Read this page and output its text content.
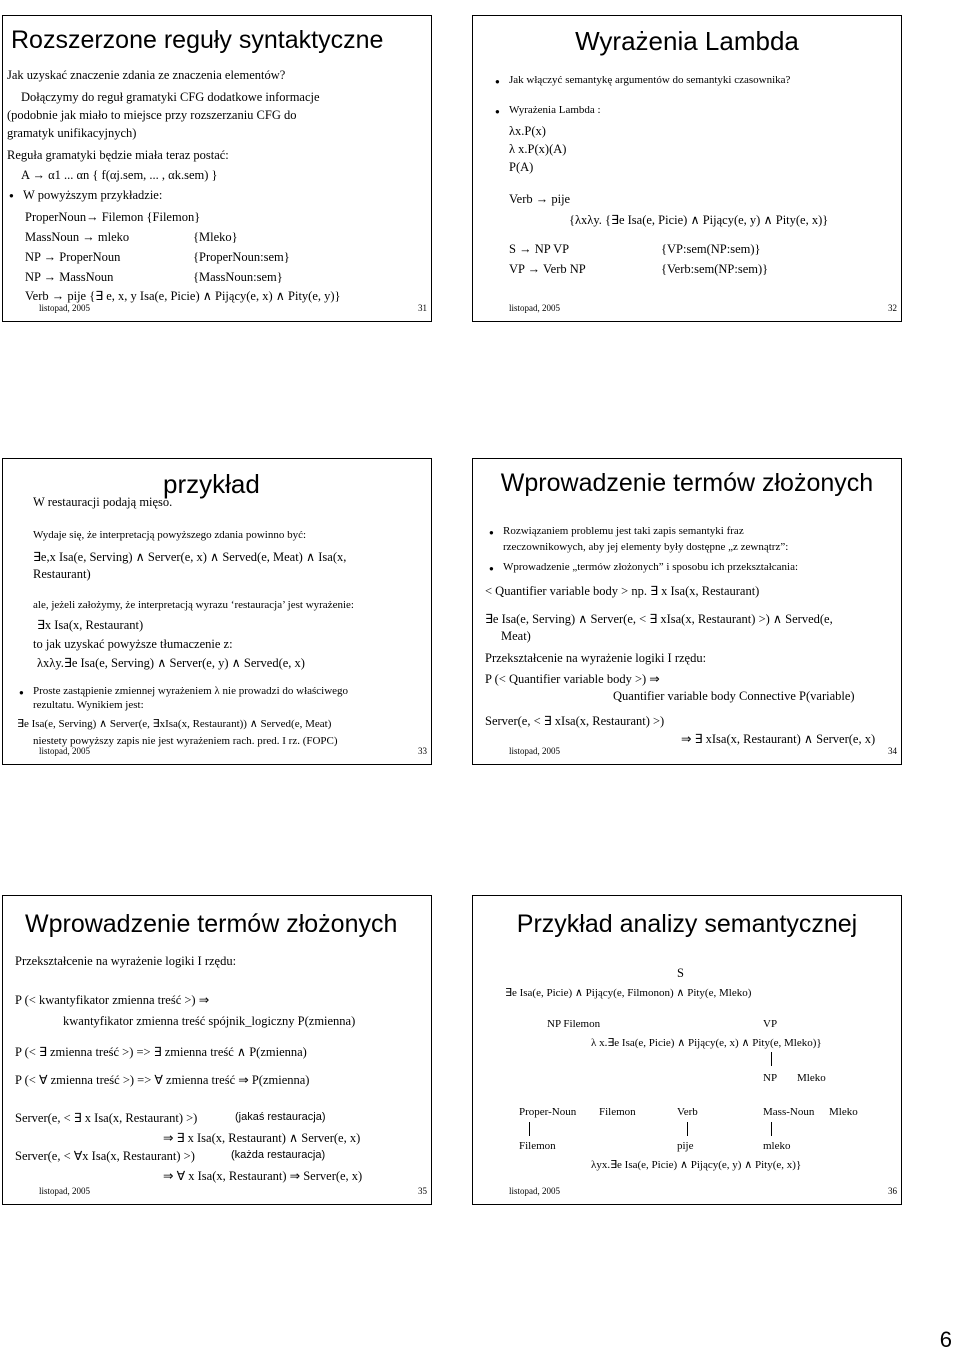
Rozszerzone reguły syntaktyczne
Jak uzyskać znaczenie zdania ze znaczenia elementów?
Dołączymy do reguł gramatyki CFG dodatkowe informacje
(podobnie jak miało to miejsce przy rozszerzaniu CFG do
gramatyk unifikacyjnych)
Reguła gramatyki będzie miała teraz postać:
A → α1 ... αn { f(αj.sem, ... , αk.sem) }
● W powyższym przykładzie:
ProperNoun→ Filemon {Filemon}
MassNoun → mleko	{Mleko}
NP → ProperNoun	{ProperNoun:sem}
NP → MassNoun	{MassNoun:sem}
Verb → pije {∃ e, x, y Isa(e, Picie) ∧ Pijący(e, x) ∧ Pity(e, y)}
listopad, 2005	31
Wyrażenia Lambda
● Jak włączyć semantykę argumentów do semantyki czasownika?
● Wyrażenia Lambda :
λx.P(x)
λ x.P(x)(A)
P(A)
Verb → pije
{λxλy. {∃e Isa(e, Picie) ∧ Pijący(e, y) ∧ Pity(e, x)}
S → NP VP	{VP:sem(NP:sem)}
VP → Verb NP	{Verb:sem(NP:sem)}
listopad, 2005	32
przykład
W restauracji podają mięso.
Wydaje się, że interpretacją powyższego zdania powinno być:
∃e,x Isa(e, Serving) ∧ Server(e, x) ∧ Served(e, Meat) ∧ Isa(x,
Restaurant)
ale, jeżeli założymy, że interpretacją wyrazu ‘restauracja’ jest wyrażenie:
∃x Isa(x, Restaurant)
to jak uzyskać powyższe tłumaczenie z:
λxλy.∃e Isa(e, Serving) ∧ Server(e, y) ∧ Served(e, x)
● Proste zastąpienie zmiennej wyrażeniem λ nie prowadzi do właściwego
rezultatu. Wynikiem jest:
∃e Isa(e, Serving) ∧ Server(e, ∃xIsa(x, Restaurant)) ∧ Served(e, Meat)
niestety powyższy zapis nie jest wyrażeniem rach. pred. I rz. (FOPC)
listopad, 2005	33
Wprowadzenie termów złożonych
● Rozwiązaniem problemu jest taki zapis semantyki fraz
rzeczownikowych, aby jej elementy były dostępne „z zewnątrz”:
● Wprowadzenie „termów złożonych” i sposobu ich przekształcania:
< Quantifier variable body > np. ∃ x Isa(x, Restaurant)
∃e Isa(e, Serving) ∧ Server(e, < ∃ xIsa(x, Restaurant) >) ∧ Served(e,
Meat)
Przekształcenie na wyrażenie logiki I rzędu:
P (< Quantifier variable body >) ⇒
Quantifier variable body Connective P(variable)
Server(e, < ∃ xIsa(x, Restaurant) >)
⇒ ∃ xIsa(x, Restaurant) ∧ Server(e, x)
listopad, 2005	34
Wprowadzenie termów złożonych
Przekształcenie na wyrażenie logiki I rzędu:
P (< kwantyfikator zmienna treść >) ⇒
kwantyfikator zmienna treść spójnik_logiczny P(zmienna)
P (< ∃ zmienna treść >) => ∃ zmienna treść ∧ P(zmienna)
P (< ∀ zmienna treść >) => ∀ zmienna treść ⇒ P(zmienna)
Server(e, < ∃ x Isa(x, Restaurant) >)	(jakaś restauracja)
⇒ ∃ x Isa(x, Restaurant) ∧ Server(e, x)
Server(e, < ∀x Isa(x, Restaurant) >)	(każda restauracja)
⇒ ∀ x Isa(x, Restaurant) ⇒ Server(e, x)
listopad, 2005	35
Przykład analizy semantycznej
S
∃e Isa(e, Picie) ∧ Pijący(e, Filmonon) ∧ Pity(e, Mleko)
NP Filemon	VP
λ x.∃e Isa(e, Picie) ∧ Pijący(e, x) ∧ Pity(e, Mleko)}
NP Mleko
Proper-Noun Filemon	Verb	Mass-Noun Mleko
Filemon	pije	mleko
λyx.∃e Isa(e, Picie) ∧ Pijący(e, y) ∧ Pity(e, x)}
listopad, 2005	36
6
